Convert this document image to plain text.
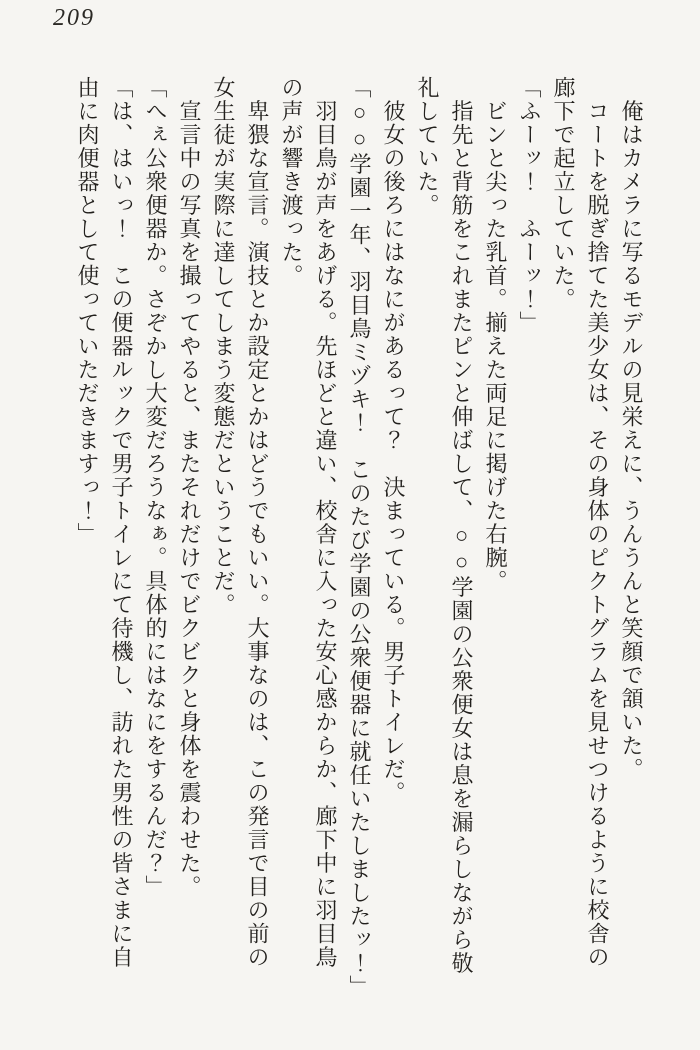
209

　俺はカメラに写るモデルの見栄えに、うんうんと笑顔で頷いた。

　コートを脱ぎ捨てた美少女は、その身体のピクトグラムを見せつけるように校舎の

廊下で起立していた。

「ふーッ！　ふーッ！」

　ビンと尖った乳首。揃えた両足に掲げた右腕。

　指先と背筋をこれまたピンと伸ばして、○○学園の公衆便女は息を漏らしながら敬

礼していた。

　彼女の後ろにはなにがあるって？　決まっている。男子トイレだ。

「○○学園一年、羽目鳥ミヅキ！　このたび学園の公衆便器に就任いたしましたッ！」

　羽目鳥が声をあげる。先ほどと違い、校舎に入った安心感からか、廊下中に羽目鳥

の声が響き渡った。

　卑猥な宣言。演技とか設定とかはどうでもいい。大事なのは、この発言で目の前の

女生徒が実際に達してしまう変態だということだ。

　宣言中の写真を撮ってやると、またそれだけでビクビクと身体を震わせた。

「へぇ公衆便器か。さぞかし大変だろうなぁ。具体的にはなにをするんだ？」

「は、はいっ！　この便器ルックで男子トイレにて待機し、訪れた男性の皆さまに自

由に肉便器として使っていただきますっ！」
